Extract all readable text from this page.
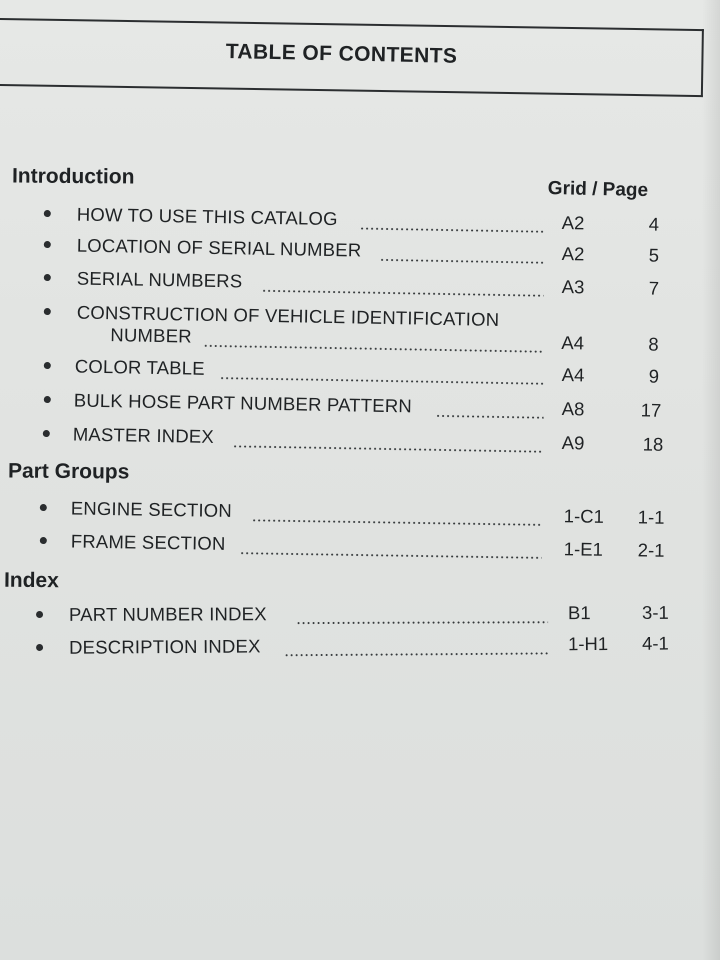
TABLE OF CONTENTS
Introduction
Grid / Page
HOW TO USE THIS CATALOG	A2	4
LOCATION OF SERIAL NUMBER	A2	5
SERIAL NUMBERS	A3	7
CONSTRUCTION OF VEHICLE IDENTIFICATION
NUMBER	A4	8
COLOR TABLE	A4	9
BULK HOSE PART NUMBER PATTERN	A8	17
MASTER INDEX	A9	18
Part Groups
ENGINE SECTION	1-C1 1-1
FRAME SECTION	1-E1 2-1
Index
PART NUMBER INDEX	B1	3-1
DESCRIPTION INDEX	1-H1 4-1
